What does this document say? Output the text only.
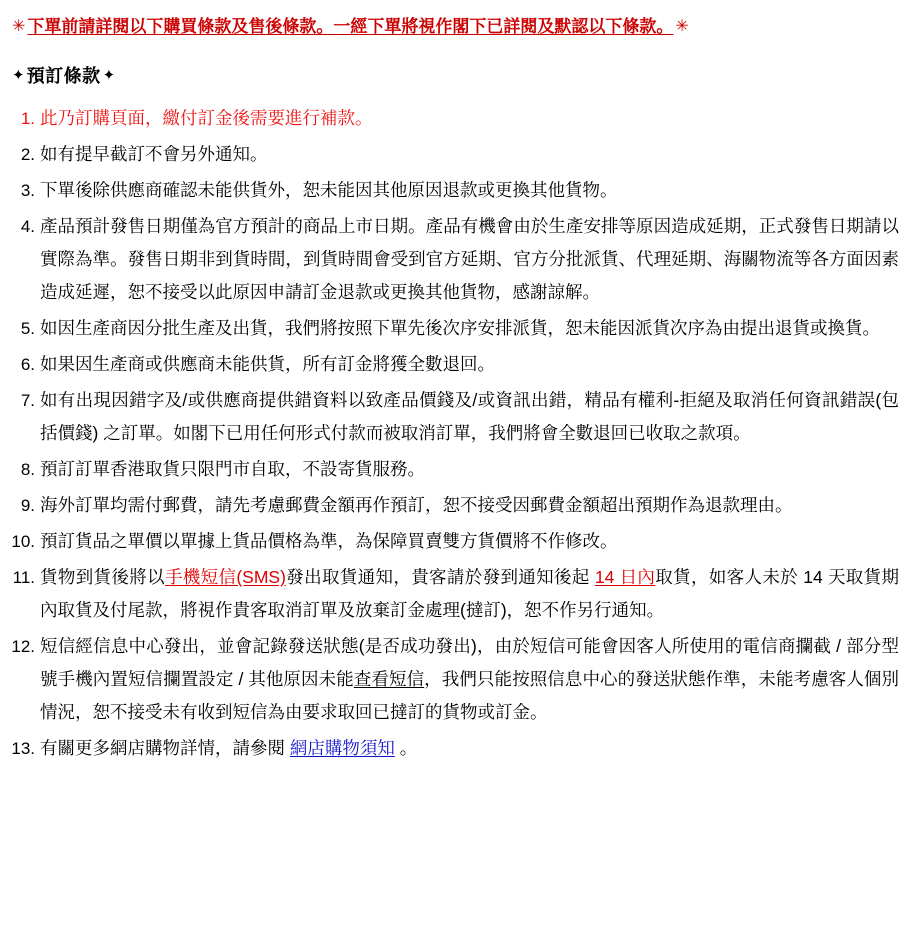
✳ 下單前請詳閱以下購買條款及售後條款。一經下單將視作閣下已詳閱及默認以下條款。 ✳
✦ 預訂條款 ✦
1. 此乃訂購頁面，繳付訂金後需要進行補款。
2. 如有提早截訂不會另外通知。
3. 下單後除供應商確認未能供貨外，恕未能因其他原因退款或更換其他貨物。
4. 產品預計發售日期僅為官方預計的商品上市日期。產品有機會由於生產安排等原因造成延期，正式發售日期請以實際為準。發售日期非到貨時間，到貨時間會受到官方延期、官方分批派貨、代理延期、海關物流等各方面因素造成延遲，恕不接受以此原因申請訂金退款或更換其他貨物，感謝諒解。
5. 如因生產商因分批生產及出貨，我們將按照下單先後次序安排派貨，恕未能因派貨次序為由提出退貨或換貨。
6. 如果因生產商或供應商未能供貨，所有訂金將獲全數退回。
7. 如有出現因錯字及/或供應商提供錯資料以致產品價錢及/或資訊出錯，精品有權利-拒絕及取消任何資訊錯誤(包括價錢) 之訂單。如閣下已用任何形式付款而被取消訂單，我們將會全數退回已收取之款項。
8. 預訂訂單香港取貨只限門市自取，不設寄貨服務。
9. 海外訂單均需付郵費，請先考慮郵費金額再作預訂，恕不接受因郵費金額超出預期作為退款理由。
10. 預訂貨品之單價以單據上貨品價格為準，為保障買賣雙方貨價將不作修改。
11. 貨物到貨後將以手機短信(SMS)發出取貨通知，貴客請於發到通知後起 14 日內取貨，如客人未於 14 天取貨期內取貨及付尾款，將視作貴客取消訂單及放棄訂金處理(撻訂)，恕不作另行通知。
12. 短信經信息中心發出，並會記錄發送狀態(是否成功發出)，由於短信可能會因客人所使用的電信商攔截 / 部分型號手機內置短信攔置設定 / 其他原因未能查看短信，我們只能按照信息中心的發送狀態作準，未能考慮客人個別情況，恕不接受未有收到短信為由要求取回已撻訂的貨物或訂金。
13. 有關更多網店購物詳情，請參閱 網店購物須知 。
